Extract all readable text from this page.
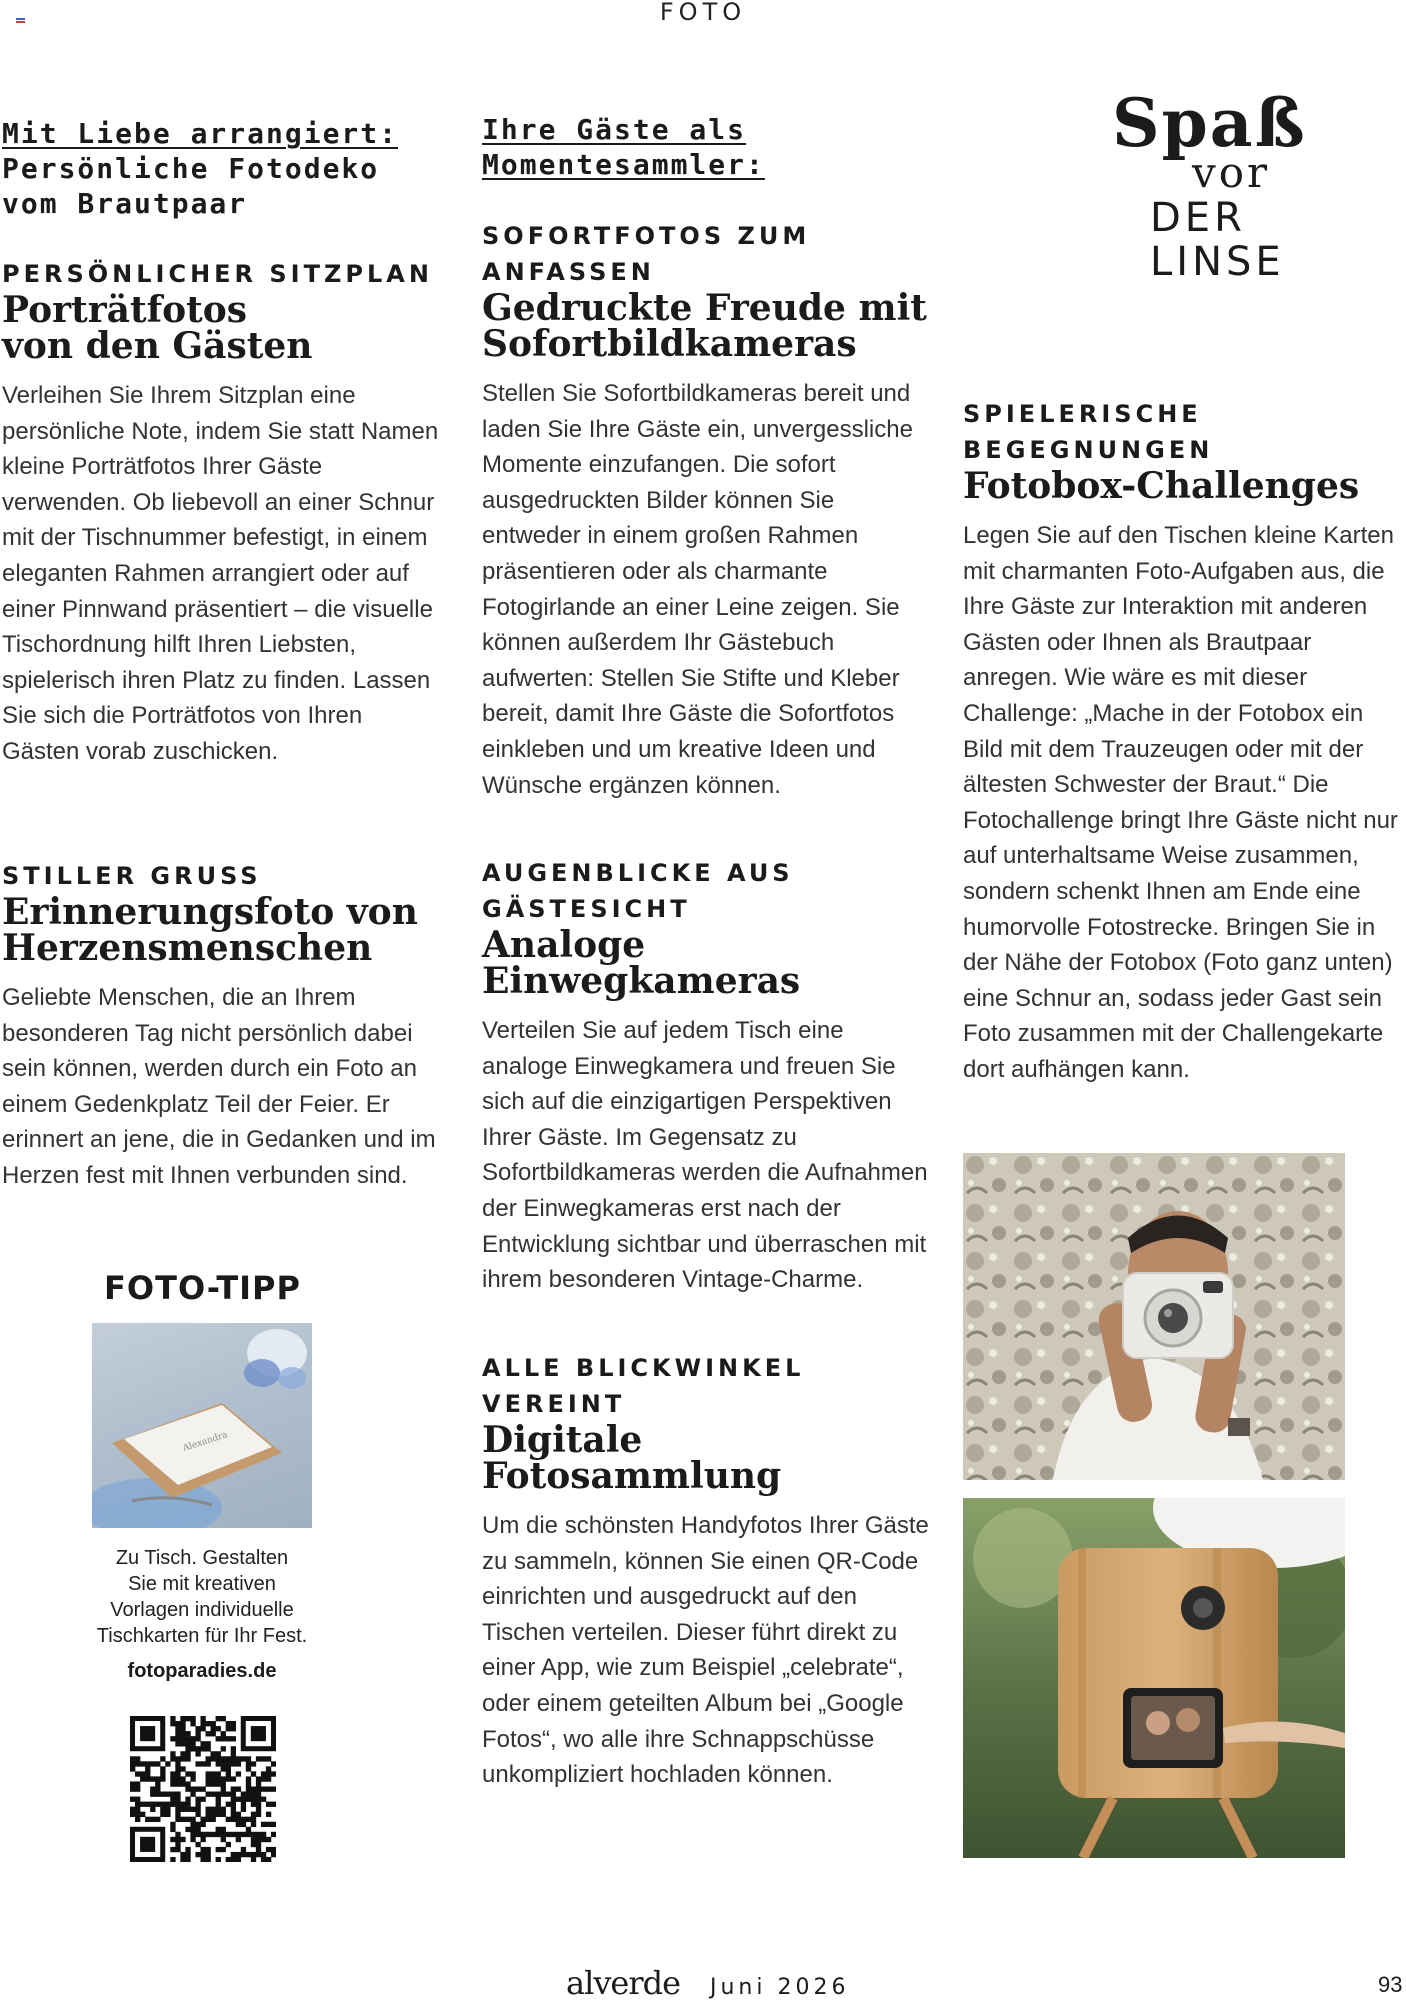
FOTO
Mit Liebe arrangiert:
Persönliche Fotodeko
vom Brautpaar

PERSÖNLICHER SITZPLAN

Porträtfotos
von den Gästen

Verleihen Sie Ihrem Sitzplan eine persönliche Note, indem Sie statt Namen kleine Porträtfotos Ihrer Gäste verwenden. Ob liebevoll an einer Schnur mit der Tischnummer befestigt, in einem eleganten Rahmen arrangiert oder auf einer Pinnwand präsentiert – die visuelle Tischordnung hilft Ihren Liebsten, spielerisch ihren Platz zu finden. Lassen Sie sich die Porträtfotos von Ihren Gästen vorab zuschicken.

STILLER GRUSS

Erinnerungsfoto von
Herzensmenschen

Geliebte Menschen, die an Ihrem besonderen Tag nicht persönlich dabei sein können, werden durch ein Foto an einem Gedenkplatz Teil der Feier. Er erinnert an jene, die in Gedanken und im Herzen fest mit Ihnen verbunden sind.

FOTO-TIPP
Alexandra
Zu Tisch. Gestalten
Sie mit kreativen
Vorlagen individuelle
Tischkarten für Ihr Fest.
fotoparadies.de
Ihre Gäste als
Momentesammler:

SOFORTFOTOS ZUM

ANFASSEN

Gedruckte Freude mit
Sofortbildkameras

Stellen Sie Sofortbildkameras bereit und laden Sie Ihre Gäste ein, unvergessliche Momente einzufangen. Die sofort ausgedruckten Bilder können Sie entweder in einem großen Rahmen präsentieren oder als charmante Fotogirlande an einer Leine zeigen. Sie können außerdem Ihr Gästebuch aufwerten: Stellen Sie Stifte und Kleber bereit, damit Ihre Gäste die Sofortfotos einkleben und um kreative Ideen und Wünsche ergänzen können.

AUGENBLICKE AUS

GÄSTESICHT

Analoge
Einwegkameras

Verteilen Sie auf jedem Tisch eine analoge Einwegkamera und freuen Sie sich auf die einzigartigen Perspektiven Ihrer Gäste. Im Gegensatz zu Sofortbildkameras werden die Aufnahmen der Einwegkameras erst nach der Entwicklung sichtbar und überraschen mit ihrem besonderen Vintage-Charme.

ALLE BLICKWINKEL

VEREINT

Digitale
Fotosammlung

Um die schönsten Handyfotos Ihrer Gäste zu sammeln, können Sie einen QR-Code einrichten und ausgedruckt auf den Tischen verteilen. Dieser führt direkt zu einer App, wie zum Beispiel „celebrate“, oder einem geteilten Album bei „Google Fotos“, wo alle ihre Schnappschüsse unkompliziert hochladen können.

Spaß
vor
DER LINSE

SPIELERISCHE

BEGEGNUNGEN

Fotobox-Challenges

Legen Sie auf den Tischen kleine Karten mit charmanten Foto-Aufgaben aus, die Ihre Gäste zur Interaktion mit anderen Gästen oder Ihnen als Brautpaar anregen. Wie wäre es mit dieser Challenge: „Mache in der Fotobox ein Bild mit dem Trauzeugen oder mit der ältesten Schwester der Braut.“ Die Fotochallenge bringt Ihre Gäste nicht nur auf unterhaltsame Weise zusammen, sondern schenkt Ihnen am Ende eine humorvolle Fotostrecke. Bringen Sie in der Nähe der Fotobox (Foto ganz unten) eine Schnur an, sodass jeder Gast sein Foto zusammen mit der Challengekarte dort aufhängen kann.

alverde Juni 2026	93
